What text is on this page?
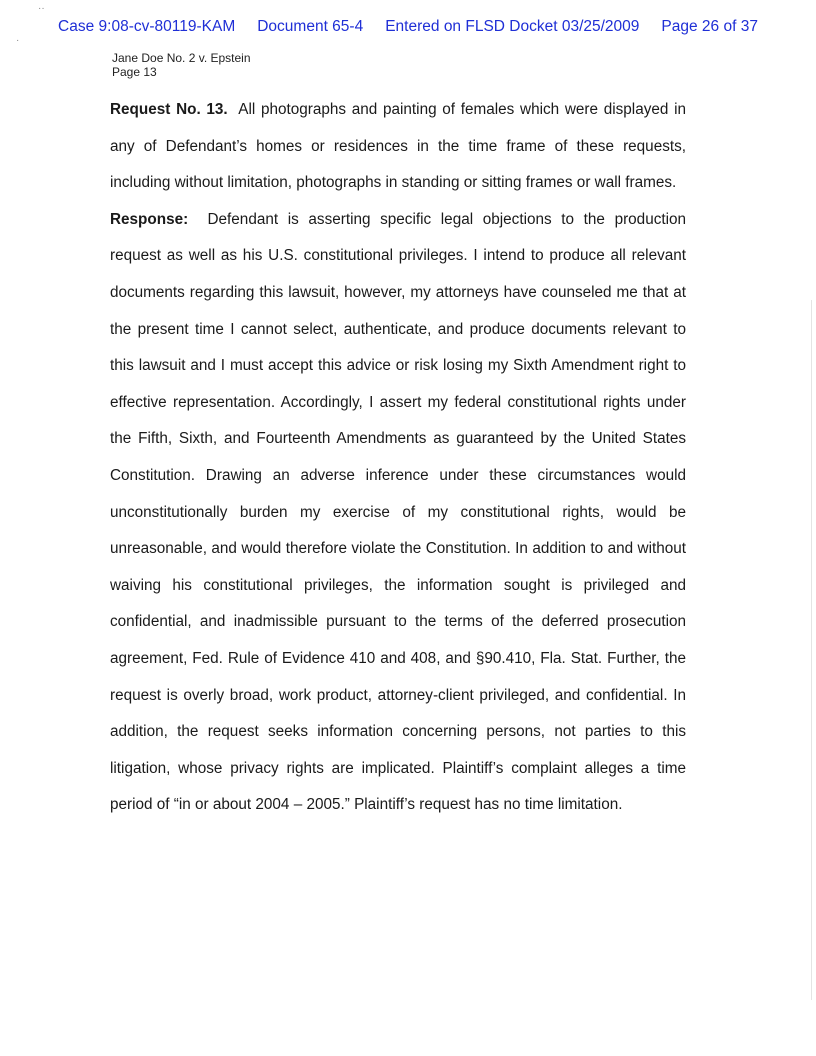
Case 9:08-cv-80119-KAM Document 65-4 Entered on FLSD Docket 03/25/2009 Page 26 of 37
··
·
Jane Doe No. 2 v. Epstein
Page 13

Request No. 13. All photographs and painting of females which were displayed in any of Defendant’s homes or residences in the time frame of these requests, including without limitation, photographs in standing or sitting frames or wall frames.

Response: Defendant is asserting specific legal objections to the production request as well as his U.S. constitutional privileges. I intend to produce all relevant documents regarding this lawsuit, however, my attorneys have counseled me that at the present time I cannot select, authenticate, and produce documents relevant to this lawsuit and I must accept this advice or risk losing my Sixth Amendment right to effective representation. Accordingly, I assert my federal constitutional rights under the Fifth, Sixth, and Fourteenth Amendments as guaranteed by the United States Constitution. Drawing an adverse inference under these circumstances would unconstitutionally burden my exercise of my constitutional rights, would be unreasonable, and would therefore violate the Constitution. In addition to and without waiving his constitutional privileges, the information sought is privileged and confidential, and inadmissible pursuant to the terms of the deferred prosecution agreement, Fed. Rule of Evidence 410 and 408, and §90.410, Fla. Stat. Further, the request is overly broad, work product, attorney-client privileged, and confidential. In addition, the request seeks information concerning persons, not parties to this litigation, whose privacy rights are implicated. Plaintiff’s complaint alleges a time period of “in or about 2004 – 2005.” Plaintiff’s request has no time limitation.
